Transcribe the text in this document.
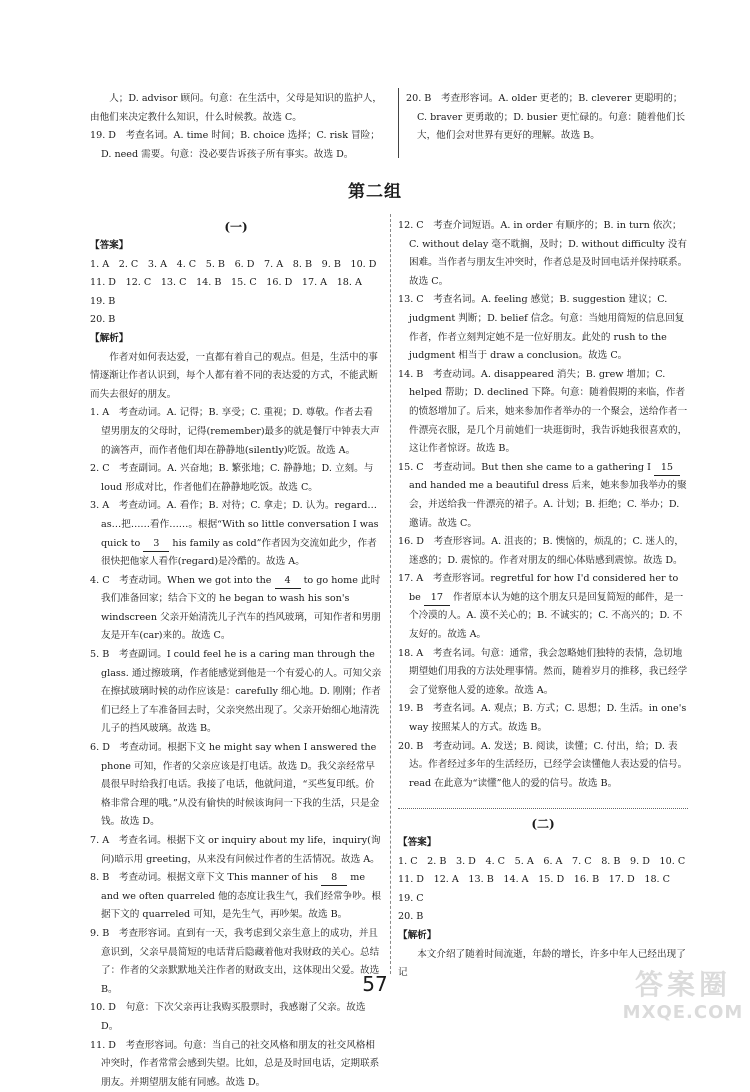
人；D. advisor 顾问。句意：在生活中，父母是知识的监护人，由他们来决定教什么知识，什么时候教。故选 C。

19. D　考查名词。A. time 时间；B. choice 选择；C. risk 冒险；D. need 需要。句意：没必要告诉孩子所有事实。故选 D。

20. B　考查形容词。A. older 更老的；B. cleverer 更聪明的；C. braver 更勇敢的；D. busier 更忙碌的。句意：随着他们长大，他们会对世界有更好的理解。故选 B。

第二组

(一)

【答案】

1. A　2. C　3. A　4. C　5. B　6. D　7. A　8. B　9. B　10. D

11. D　12. C　13. C　14. B　15. C　16. D　17. A　18. A　19. B

20. B

【解析】

作者对如何表达爱，一直都有着自己的观点。但是，生活中的事情逐渐让作者认识到，每个人都有着不同的表达爱的方式，不能武断而失去很好的朋友。

1. A　考查动词。A. 记得；B. 享受；C. 重视；D. 尊敬。作者去看望男朋友的父母时，记得(remember)最多的就是餐厅中钟表大声的滴答声，而作者他们却在静静地(silently)吃饭。故选 A。

2. C　考查副词。A. 兴奋地；B. 繁张地；C. 静静地；D. 立刻。与 loud 形成对比，作者他们在静静地吃饭。故选 C。

3. A　考查动词。A. 看作；B. 对待；C. 拿走；D. 认为。regard…as…把……看作……。根据“With so little conversation I was quick to 3 his family as cold”作者因为交流如此少，作者很快把他家人看作(regard)是冷酷的。故选 A。

4. C　考查动词。When we got into the 4 to go home 此时我们准备回家；结合下文的 he began to wash his son's windscreen 父亲开始清洗儿子汽车的挡风玻璃，可知作者和男朋友是开车(car)来的。故选 C。

5. B　考查副词。I could feel he is a caring man through the glass. 通过擦玻璃，作者能感觉到他是一个有爱心的人。可知父亲在擦拭玻璃时候的动作应该是：carefully 细心地。D. 刚刚；作者们已经上了车准备回去时，父亲突然出现了。父亲开始细心地清洗儿子的挡风玻璃。故选 B。

6. D　考查动词。根据下文 he might say when I answered the phone 可知，作者的父亲应该是打电话。故选 D。我父亲经常早晨很早时给我打电话。我接了电话，他就问道，“买些复印纸。价格非常合理的哦。”从没有偷快的时候该询问一下我的生活，只是金钱。故选 D。

7. A　考查名词。根据下文 or inquiry about my life，inquiry(询问)暗示用 greeting，从来没有问候过作者的生活情况。故选 A。

8. B　考查动词。根据文章下文 This manner of his 8 me and we often quarreled 他的态度让我生气，我们经常争吵。根据下文的 quarreled 可知，是先生气，再吵架。故选 B。

9. B　考查形容词。直到有一天，我考虑到父亲生意上的成功，并且意识到，父亲早晨简短的电话背后隐藏着他对我财政的关心。总结了：作者的父亲默默地关注作者的财政支出，这体现出父爱。故选 B。

10. D　句意：下次父亲再让我购买股票时，我感谢了父亲。故选 D。

11. D　考查形容词。句意：当自己的社交风格和朋友的社交风格相冲突时，作者常常会感到失望。比如，总是及时回电话，定期联系朋友。并期望朋友能有同感。故选 D。

12. C　考查介词短语。A. in order 有顺序的；B. in turn 依次；C. without delay 毫不耽搁，及时；D. without difficulty 没有困难。当作者与朋友生冲突时，作者总是及时回电话并保持联系。故选 C。

13. C　考查名词。A. feeling 感觉；B. suggestion 建议；C. judgment 判断；D. belief 信念。句意：当她用简短的信息回复作者，作者立刻判定她不是一位好朋友。此处的 rush to the judgment 相当于 draw a conclusion。故选 C。

14. B　考查动词。A. disappeared 消失；B. grew 增加；C. helped 帮助；D. declined 下降。句意：随着假期的来临，作者的愤怒增加了。后来，她来参加作者举办的一个聚会，送给作者一件漂亮衣服，是几个月前她们一块逛街时，我告诉她我很喜欢的，这让作者惊讶。故选 B。

15. C　考查动词。But then she came to a gathering I 15 and handed me a beautiful dress 后来，她来参加我举办的聚会，并送给我一件漂亮的裙子。A. 计划；B. 拒绝；C. 举办；D. 邀请。故选 C。

16. D　考查形容词。A. 沮丧的；B. 懊恼的，烦乱的；C. 迷人的，迷惑的；D. 震惊的。作者对朋友的细心体贴感到震惊。故选 D。

17. A　考查形容词。regretful for how I'd considered her to be 17 作者原本认为她的这个朋友只是回复简短的邮件，是一个冷漠的人。A. 漠不关心的；B. 不诚实的；C. 不高兴的；D. 不友好的。故选 A。

18. A　考查名词。句意：通常，我会忽略她们独特的表情，急切地期望她们用我的方法处理事情。然而，随着岁月的推移，我已经学会了觉察他人爱的迹象。故选 A。

19. B　考查名词。A. 观点；B. 方式；C. 思想；D. 生活。in one's way 按照某人的方式。故选 B。

20. B　考查动词。A. 发送；B. 阅读，读懂；C. 付出，给；D. 表达。作者经过多年的生活经历，已经学会读懂他人表达爱的信号。read 在此意为“读懂”他人的爱的信号。故选 B。

(二)

【答案】

1. C　2. B　3. D　4. C　5. A　6. A　7. C　8. B　9. D　10. C

11. D　12. A　13. B　14. A　15. D　16. B　17. D　18. C　19. C

20. B

【解析】

本文介绍了随着时间流逝，年龄的增长，许多中年人已经出现了记

57	答案圈
MXQE.COM
